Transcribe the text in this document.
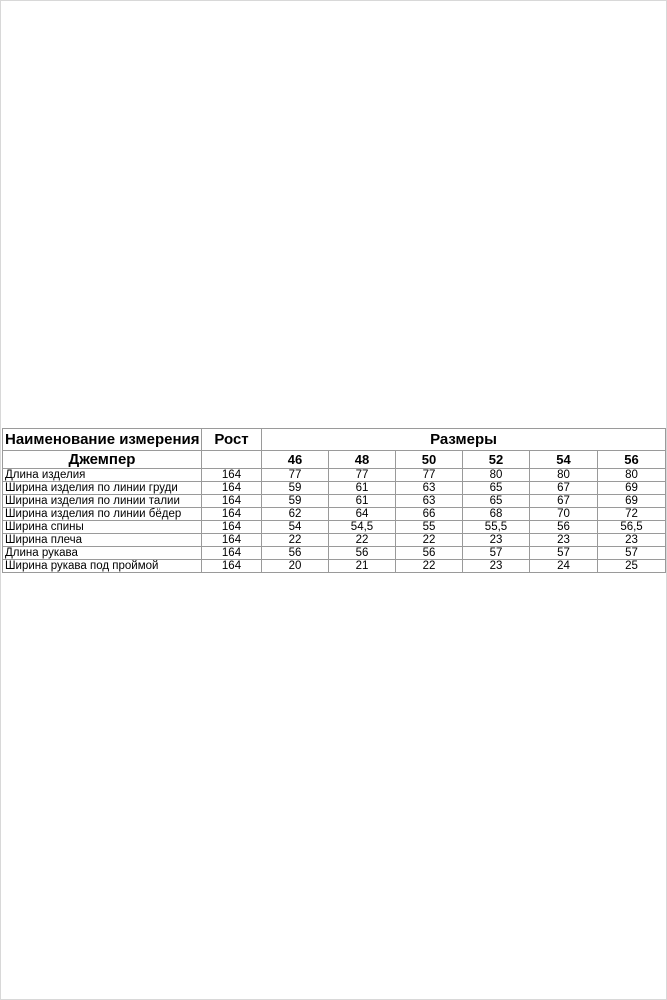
Наименование измерения	Рост	Размеры					
Джемпер		46	48	50	52	54	56
Длина изделия	164	77	77	77	80	80	80
Ширина изделия по линии груди	164	59	61	63	65	67	69
Ширина изделия по линии талии	164	59	61	63	65	67	69
Ширина изделия по линии бёдер	164	62	64	66	68	70	72
Ширина спины	164	54	54,5	55	55,5	56	56,5
Ширина плеча	164	22	22	22	23	23	23
Длина рукава	164	56	56	56	57	57	57
Ширина рукава под проймой	164	20	21	22	23	24	25
